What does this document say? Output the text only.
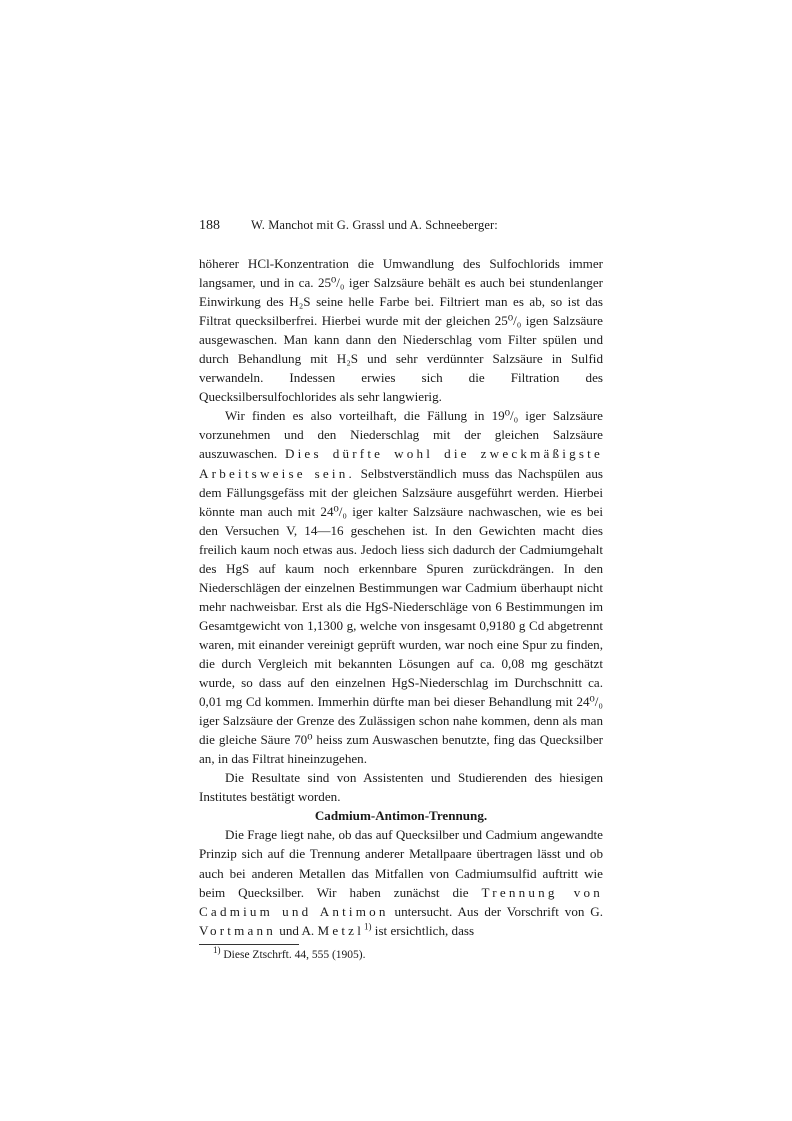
188	W. Manchot mit G. Grassl und A. Schneeberger:

höherer HCl-Konzentration die Umwandlung des Sulfochlorids immer langsamer, und in ca. 25⁰/₀ iger Salzsäure behält es auch bei stundenlanger Einwirkung des H₂S seine helle Farbe bei. Filtriert man es ab, so ist das Filtrat quecksilberfrei. Hierbei wurde mit der gleichen 25⁰/₀ igen Salzsäure ausgewaschen. Man kann dann den Niederschlag vom Filter spülen und durch Behandlung mit H₂S und sehr verdünnter Salzsäure in Sulfid verwandeln. Indessen erwies sich die Filtration des Quecksilbersulfochlorides als sehr langwierig.

Wir finden es also vorteilhaft, die Fällung in 19⁰/₀ iger Salzsäure vorzunehmen und den Niederschlag mit der gleichen Salzsäure auszuwaschen. Dies dürfte wohl die zweckmäßigste Arbeitsweise sein. Selbstverständlich muss das Nachspülen aus dem Fällungsgefäss mit der gleichen Salzsäure ausgeführt werden. Hierbei könnte man auch mit 24⁰/₀ iger kalter Salzsäure nachwaschen, wie es bei den Versuchen V, 14—16 geschehen ist. In den Gewichten macht dies freilich kaum noch etwas aus. Jedoch liess sich dadurch der Cadmiumgehalt des HgS auf kaum noch erkennbare Spuren zurückdrängen. In den Niederschlägen der einzelnen Bestimmungen war Cadmium überhaupt nicht mehr nachweisbar. Erst als die HgS-Niederschläge von 6 Bestimmungen im Gesamtgewicht von 1,1300 g, welche von insgesamt 0,9180 g Cd abgetrennt waren, mit einander vereinigt geprüft wurden, war noch eine Spur zu finden, die durch Vergleich mit bekannten Lösungen auf ca. 0,08 mg geschätzt wurde, so dass auf den einzelnen HgS-Niederschlag im Durchschnitt ca. 0,01 mg Cd kommen. Immerhin dürfte man bei dieser Behandlung mit 24⁰/₀ iger Salzsäure der Grenze des Zulässigen schon nahe kommen, denn als man die gleiche Säure 70⁰ heiss zum Auswaschen benutzte, fing das Quecksilber an, in das Filtrat hineinzugehen.

Die Resultate sind von Assistenten und Studierenden des hiesigen Institutes bestätigt worden.

Cadmium-Antimon-Trennung.

Die Frage liegt nahe, ob das auf Quecksilber und Cadmium angewandte Prinzip sich auf die Trennung anderer Metallpaare übertragen lässt und ob auch bei anderen Metallen das Mitfallen von Cadmiumsulfid auftritt wie beim Quecksilber. Wir haben zunächst die Trennung von Cadmium und Antimon untersucht. Aus der Vorschrift von G. Vortmann und A. Metzl$^{1)}$ ist ersichtlich, dass

$^{1)}$ Diese Ztschrft. 44, 555 (1905).
